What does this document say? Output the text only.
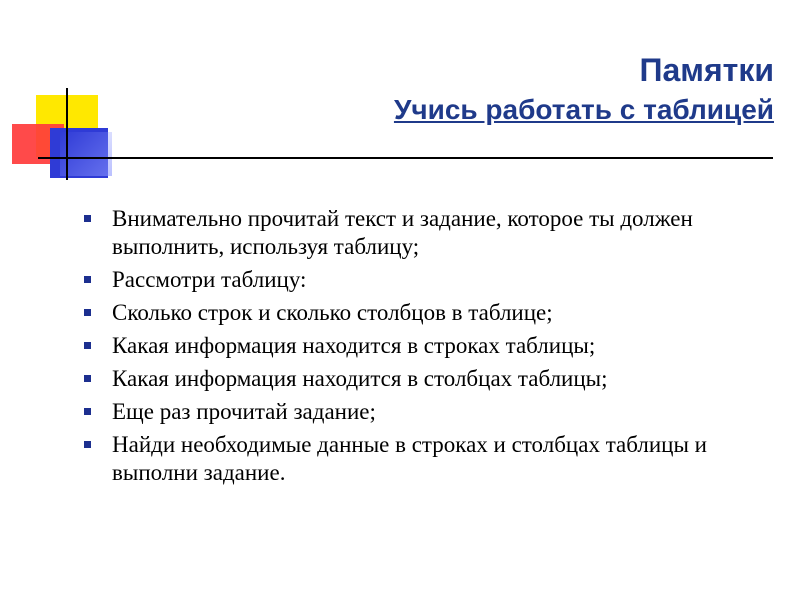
Памятки
Учись работать с таблицей
Внимательно прочитай текст и задание, которое ты должен выполнить, используя таблицу;
Рассмотри таблицу:
Сколько строк и сколько столбцов в таблице;
Какая информация находится в строках таблицы;
Какая информация находится в столбцах таблицы;
Еще раз прочитай задание;
Найди необходимые данные в строках и столбцах таблицы и выполни задание.
